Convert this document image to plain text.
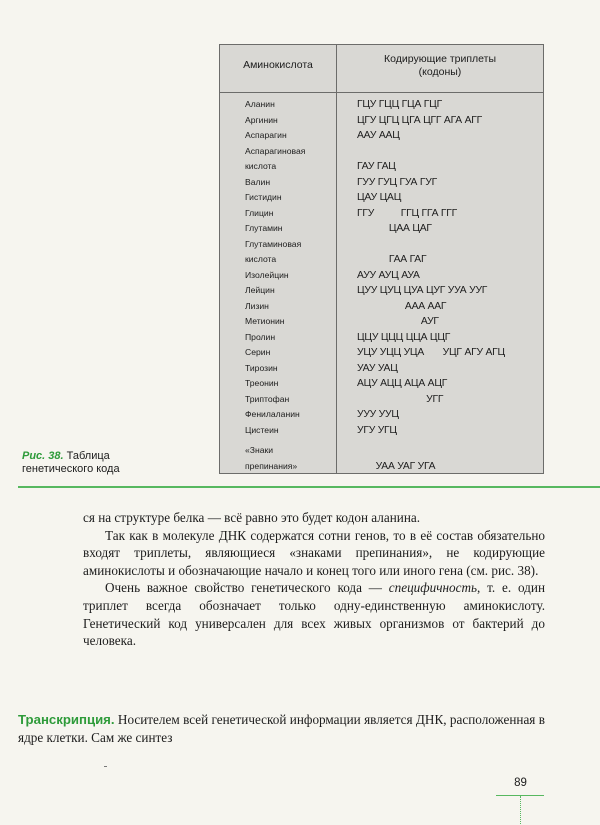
Аминокислота	Кодирующие триплеты
(кодоны)
Аланин
Аргинин
Аспарагин
Аспарагиновая
кислота
Валин
Гистидин
Глицин
Глутамин
Глутаминовая
кислота
Изолейцин
Лейцин
Лизин
Метионин
Пролин
Серин
Тирозин
Треонин
Триптофан
Фенилаланин
Цистеин
«Знаки
препинания»
ГЦУ ГЦЦ ГЦА ГЦГ
ЦГУ ЦГЦ ЦГА ЦГГ АГА АГГ
ААУ ААЦ
ГАУ ГАЦ
ГУУ ГУЦ ГУА ГУГ
ЦАУ ЦАЦ
ГГУ          ГГЦ ГГА ГГГ
ЦАА ЦАГ
ГАА ГАГ
АУУ АУЦ АУА
ЦУУ ЦУЦ ЦУА ЦУГ УУА УУГ
ААА ААГ
АУГ
ЦЦУ ЦЦЦ ЦЦА ЦЦГ
УЦУ УЦЦ УЦА       УЦГ АГУ АГЦ
УАУ УАЦ
АЦУ АЦЦ АЦА АЦГ
УГГ
УУУ УУЦ
УГУ УГЦ
УАА УАГ УГА
Рис. 38. Таблица
генетического кода

ся на структуре белка — всё равно это будет кодон аланина.

Так как в молекуле ДНК содержатся сотни генов, то в её состав обязательно входят триплеты, являющиеся «знаками препинания», не кодирующие аминокислоты и обозначающие начало и конец того или иного гена (см. рис. 38).

Очень важное свойство генетического кода — специфичность, т. е. один триплет всегда обозначает только одну-единственную аминокислоту. Генетический код универсален для всех живых организмов от бактерий до человека.

Транскрипция. Носителем всей генетической информации является ДНК, расположенная в ядре клетки. Сам же синтез
89
